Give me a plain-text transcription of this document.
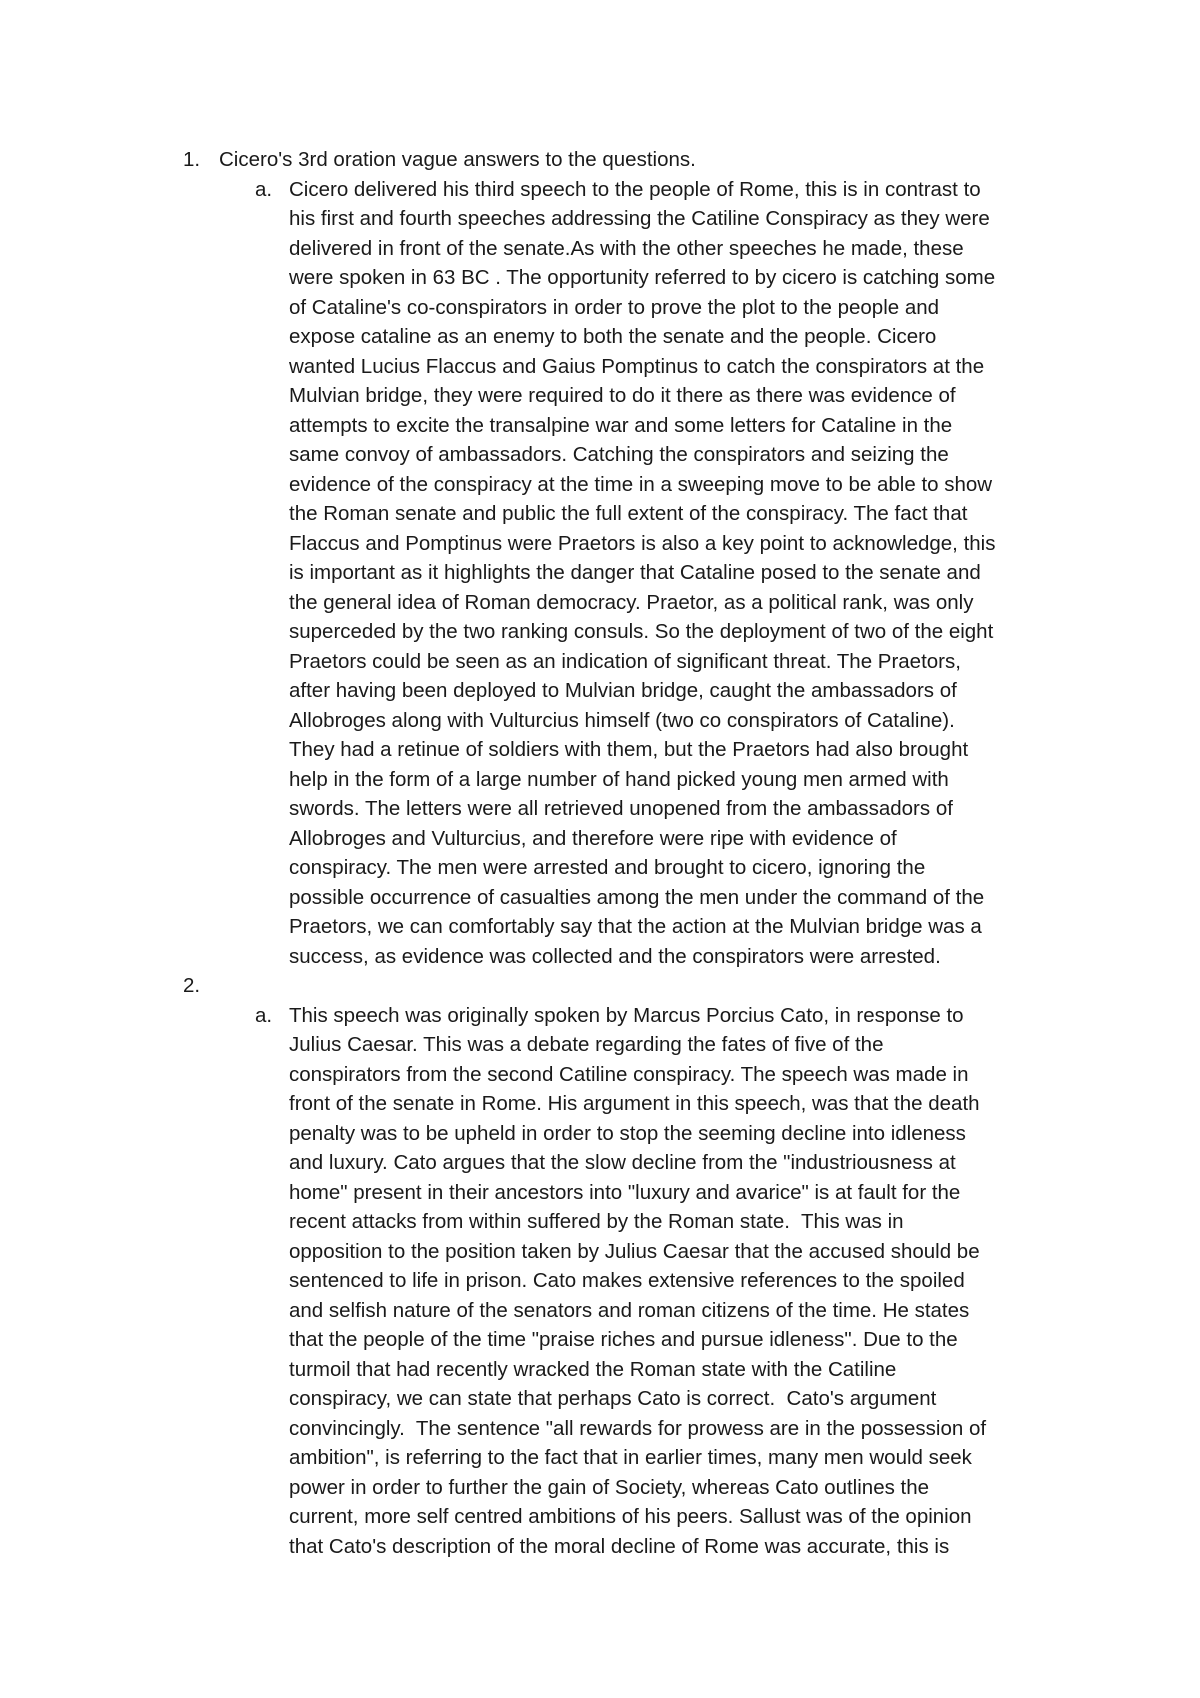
1. Cicero's 3rd oration vague answers to the questions.
a. Cicero delivered his third speech to the people of Rome, this is in contrast to
his first and fourth speeches addressing the Catiline Conspiracy as they were
delivered in front of the senate.As with the other speeches he made, these
were spoken in 63 BC . The opportunity referred to by cicero is catching some
of Cataline's co-conspirators in order to prove the plot to the people and
expose cataline as an enemy to both the senate and the people. Cicero
wanted Lucius Flaccus and Gaius Pomptinus to catch the conspirators at the
Mulvian bridge, they were required to do it there as there was evidence of
attempts to excite the transalpine war and some letters for Cataline in the
same convoy of ambassadors. Catching the conspirators and seizing the
evidence of the conspiracy at the time in a sweeping move to be able to show
the Roman senate and public the full extent of the conspiracy. The fact that
Flaccus and Pomptinus were Praetors is also a key point to acknowledge, this
is important as it highlights the danger that Cataline posed to the senate and
the general idea of Roman democracy. Praetor, as a political rank, was only
superceded by the two ranking consuls. So the deployment of two of the eight
Praetors could be seen as an indication of significant threat. The Praetors,
after having been deployed to Mulvian bridge, caught the ambassadors of
Allobroges along with Vulturcius himself (two co conspirators of Cataline).
They had a retinue of soldiers with them, but the Praetors had also brought
help in the form of a large number of hand picked young men armed with
swords. The letters were all retrieved unopened from the ambassadors of
Allobroges and Vulturcius, and therefore were ripe with evidence of
conspiracy. The men were arrested and brought to cicero, ignoring the
possible occurrence of casualties among the men under the command of the
Praetors, we can comfortably say that the action at the Mulvian bridge was a
success, as evidence was collected and the conspirators were arrested.
2.

a. This speech was originally spoken by Marcus Porcius Cato, in response to
Julius Caesar. This was a debate regarding the fates of five of the
conspirators from the second Catiline conspiracy. The speech was made in
front of the senate in Rome. His argument in this speech, was that the death
penalty was to be upheld in order to stop the seeming decline into idleness
and luxury. Cato argues that the slow decline from the "industriousness at
home" present in their ancestors into "luxury and avarice" is at fault for the
recent attacks from within suffered by the Roman state.  This was in
opposition to the position taken by Julius Caesar that the accused should be
sentenced to life in prison. Cato makes extensive references to the spoiled
and selfish nature of the senators and roman citizens of the time. He states
that the people of the time "praise riches and pursue idleness". Due to the
turmoil that had recently wracked the Roman state with the Catiline
conspiracy, we can state that perhaps Cato is correct.  Cato's argument
convincingly.  The sentence "all rewards for prowess are in the possession of
ambition", is referring to the fact that in earlier times, many men would seek
power in order to further the gain of Society, whereas Cato outlines the
current, more self centred ambitions of his peers. Sallust was of the opinion
that Cato's description of the moral decline of Rome was accurate, this is
